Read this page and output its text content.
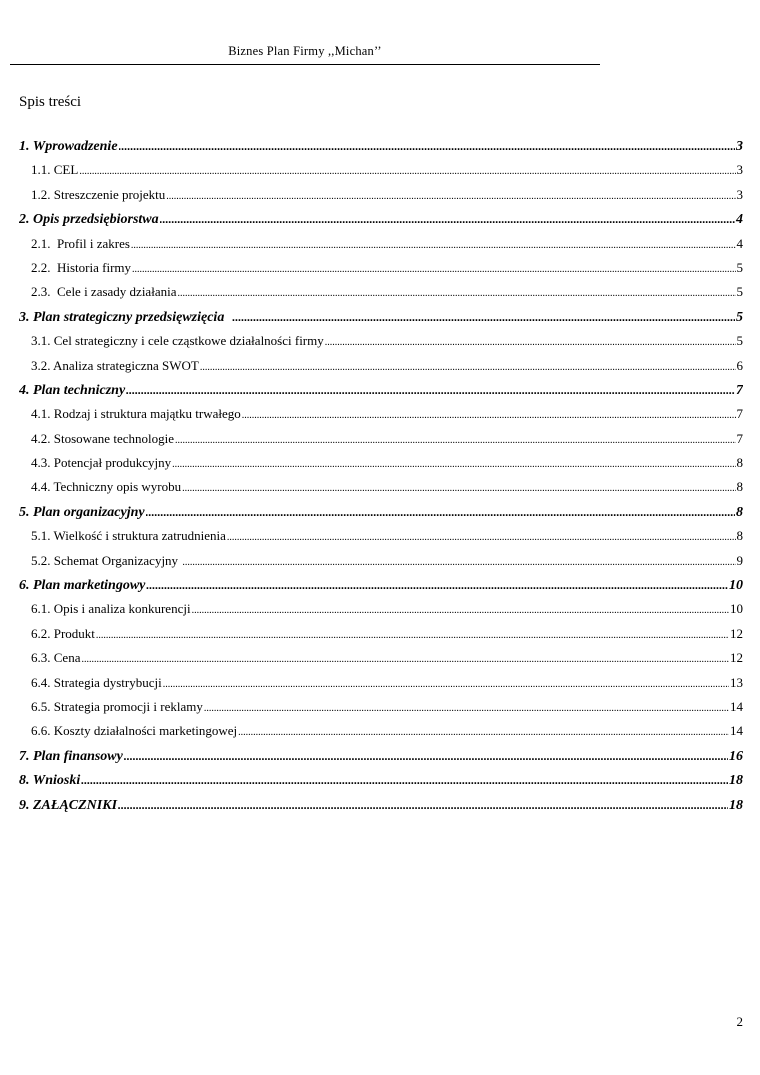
Biznes Plan Firmy ,,Michan’’
Spis treści
1. Wprowadzenie .....	3
1.1. CEL .....	3
1.2. Streszczenie projektu .....	3
2. Opis przedsiębiorstwa .....	4
2.1.  Profil i zakres .....	4
2.2.  Historia firmy .....	5
2.3.  Cele i zasady działania .....	5
3. Plan strategiczny przedsięwzięcia .....	5
3.1. Cel strategiczny i cele cząstkowe działalności firmy .....	5
3.2. Analiza strategiczna SWOT .....	6
4. Plan techniczny .....	7
4.1. Rodzaj i struktura majątku trwałego .....	7
4.2. Stosowane technologie .....	7
4.3. Potencjał produkcyjny .....	8
4.4. Techniczny opis wyrobu .....	8
5. Plan organizacyjny .....	8
5.1. Wielkość i struktura zatrudnienia .....	8
5.2. Schemat Organizacyjny .....	9
6. Plan marketingowy .....	10
6.1. Opis i analiza konkurencji .....	10
6.2. Produkt .....	12
6.3. Cena .....	12
6.4. Strategia dystrybucji .....	13
6.5. Strategia promocji i reklamy .....	14
6.6. Koszty działalności marketingowej .....	14
7. Plan finansowy .....	16
8. Wnioski .....	18
9. ZAŁĄCZNIKI .....	18
2
